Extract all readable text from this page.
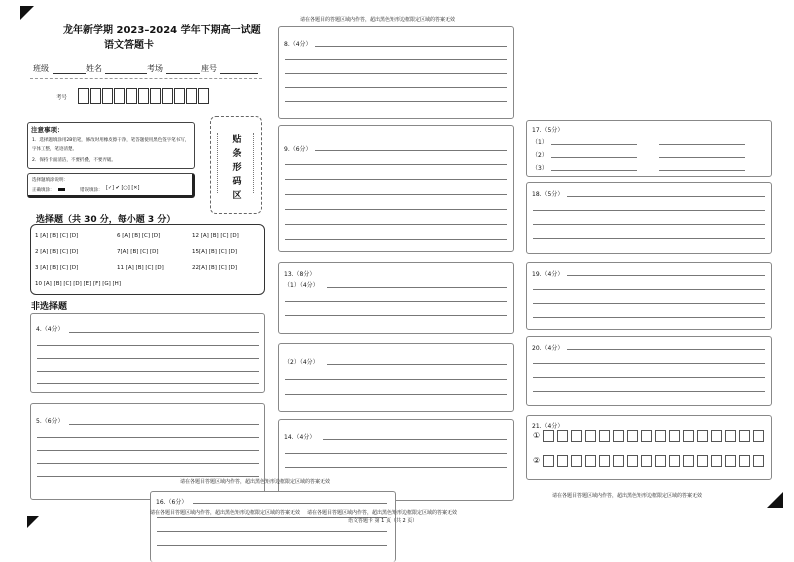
龙年新学期 2023–2024 学年下期高一试题
语文答题卡
班级	姓名	考场	座号
考号
注意事项：
1．选择题填涂用2B铅笔，修改时用橡皮擦干净，笔答题使用黑色签字笔书写，字体工整，笔迹清楚。
2．保持卡面清洁，不要折叠，不要弄破。
选择题填涂说明：
正确填涂：	错误填涂： [✓] ✔ [○] [✕]
贴
条
形
码
区
选择题（共 30 分，每小题 3 分）
1 [A] [B] [C] [D]	6 [A] [B] [C] [D]	12 [A] [B] [C] [D]
2 [A] [B] [C] [D]	7[A] [B] [C] [D]	15[A] [B] [C] [D]
3 [A] [B] [C] [D]	11 [A] [B] [C] [D]	22[A] [B] [C] [D]
10 [A] [B] [C] [D] [E] [F] [G] [H]
非选择题
4.（4分）
5.（6分）
请在各题目的答题区域内作答，超出黑色矩形边框限定区域的答案无效
8.（4分）
9.（6分）
13.（8分）
（1）（4分）
（2）（4分）
14.（4分）
请在各题目答题区域内作答，超出黑色矩形边框限定区域的答案无效
16.（6分）
请在各题目答题区域内作答，超出黑色矩形边框限定区域的答案无效 请在各题目答题区域内作答，超出黑色矩形边框限定区域的答案无效
语文答题卡 第 1 页（共 2 页）
17.（5分）
（1）
（2）
（3）
18.（5分）
19.（4分）
20.（4分）
21.（4分）
①
②
请在各题目答题区域内作答，超出黑色矩形边框限定区域的答案无效
